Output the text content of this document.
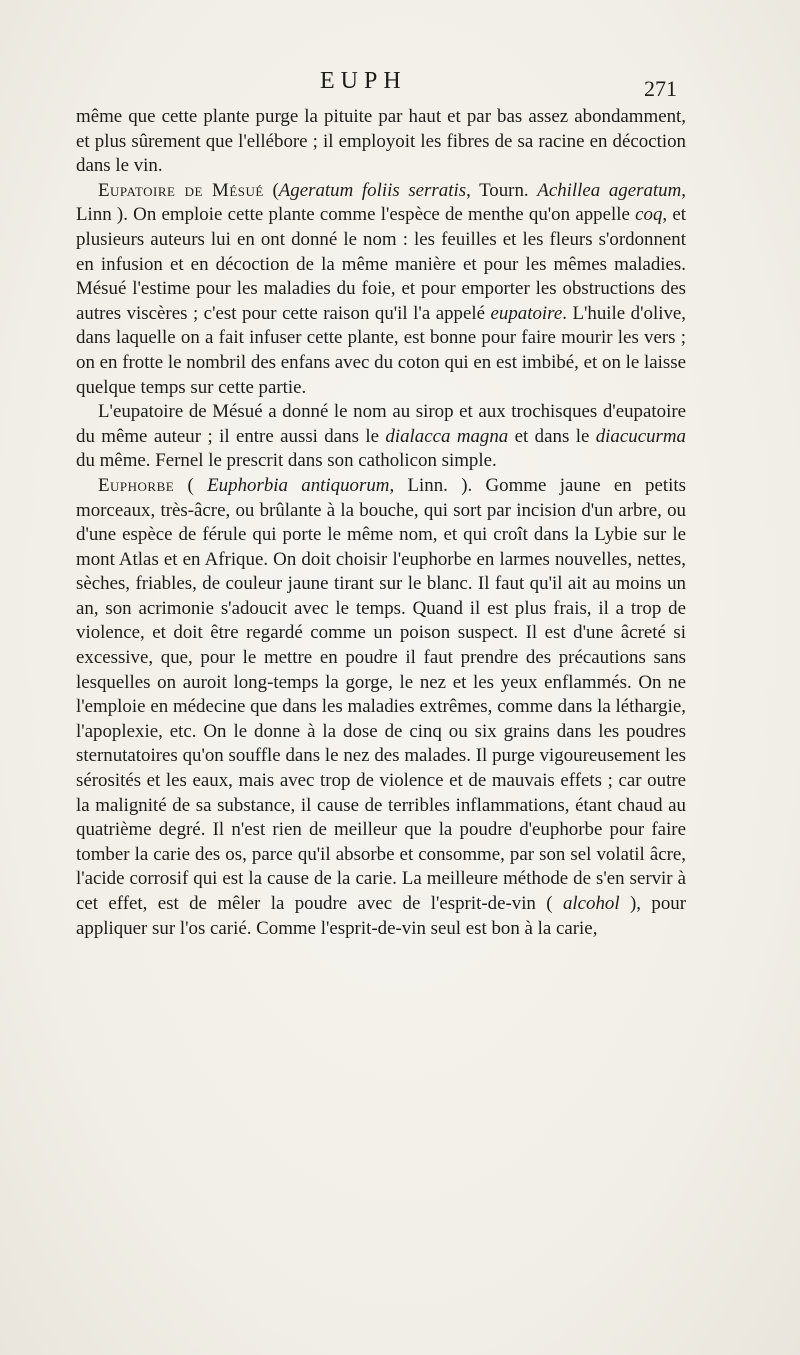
EUPH	271

même que cette plante purge la pituite par haut et par bas assez abondamment, et plus sûrement que l'ellébore ; il employoit les fibres de sa racine en décoction dans le vin.

Eupatoire de Mésué (Ageratum foliis serratis, Tourn. Achillea ageratum, Linn ). On emploie cette plante comme l'espèce de menthe qu'on appelle coq, et plusieurs auteurs lui en ont donné le nom : les feuilles et les fleurs s'ordonnent en infusion et en décoction de la même manière et pour les mêmes maladies. Mésué l'estime pour les maladies du foie, et pour emporter les obstructions des autres viscères ; c'est pour cette raison qu'il l'a appelé eupatoire. L'huile d'olive, dans laquelle on a fait infuser cette plante, est bonne pour faire mourir les vers ; on en frotte le nombril des enfans avec du coton qui en est imbibé, et on le laisse quelque temps sur cette partie.

L'eupatoire de Mésué a donné le nom au sirop et aux trochisques d'eupatoire du même auteur ; il entre aussi dans le dialacca magna et dans le diacucurma du même. Fernel le prescrit dans son catholicon simple.

Euphorbe ( Euphorbia antiquorum, Linn. ). Gomme jaune en petits morceaux, très-âcre, ou brûlante à la bouche, qui sort par incision d'un arbre, ou d'une espèce de férule qui porte le même nom, et qui croît dans la Lybie sur le mont Atlas et en Afrique. On doit choisir l'euphorbe en larmes nouvelles, nettes, sèches, friables, de couleur jaune tirant sur le blanc. Il faut qu'il ait au moins un an, son acrimonie s'adoucit avec le temps. Quand il est plus frais, il a trop de violence, et doit être regardé comme un poison suspect. Il est d'une âcreté si excessive, que, pour le mettre en poudre il faut prendre des précautions sans lesquelles on auroit long-temps la gorge, le nez et les yeux enflammés. On ne l'emploie en médecine que dans les maladies extrêmes, comme dans la léthargie, l'apoplexie, etc. On le donne à la dose de cinq ou six grains dans les poudres sternutatoires qu'on souffle dans le nez des malades. Il purge vigoureusement les sérosités et les eaux, mais avec trop de violence et de mauvais effets ; car outre la malignité de sa substance, il cause de terribles inflammations, étant chaud au quatrième degré. Il n'est rien de meilleur que la poudre d'euphorbe pour faire tomber la carie des os, parce qu'il absorbe et consomme, par son sel volatil âcre, l'acide corrosif qui est la cause de la carie. La meilleure méthode de s'en servir à cet effet, est de mêler la poudre avec de l'esprit-de-vin ( alcohol ), pour appliquer sur l'os carié. Comme l'esprit-de-vin seul est bon à la carie,
